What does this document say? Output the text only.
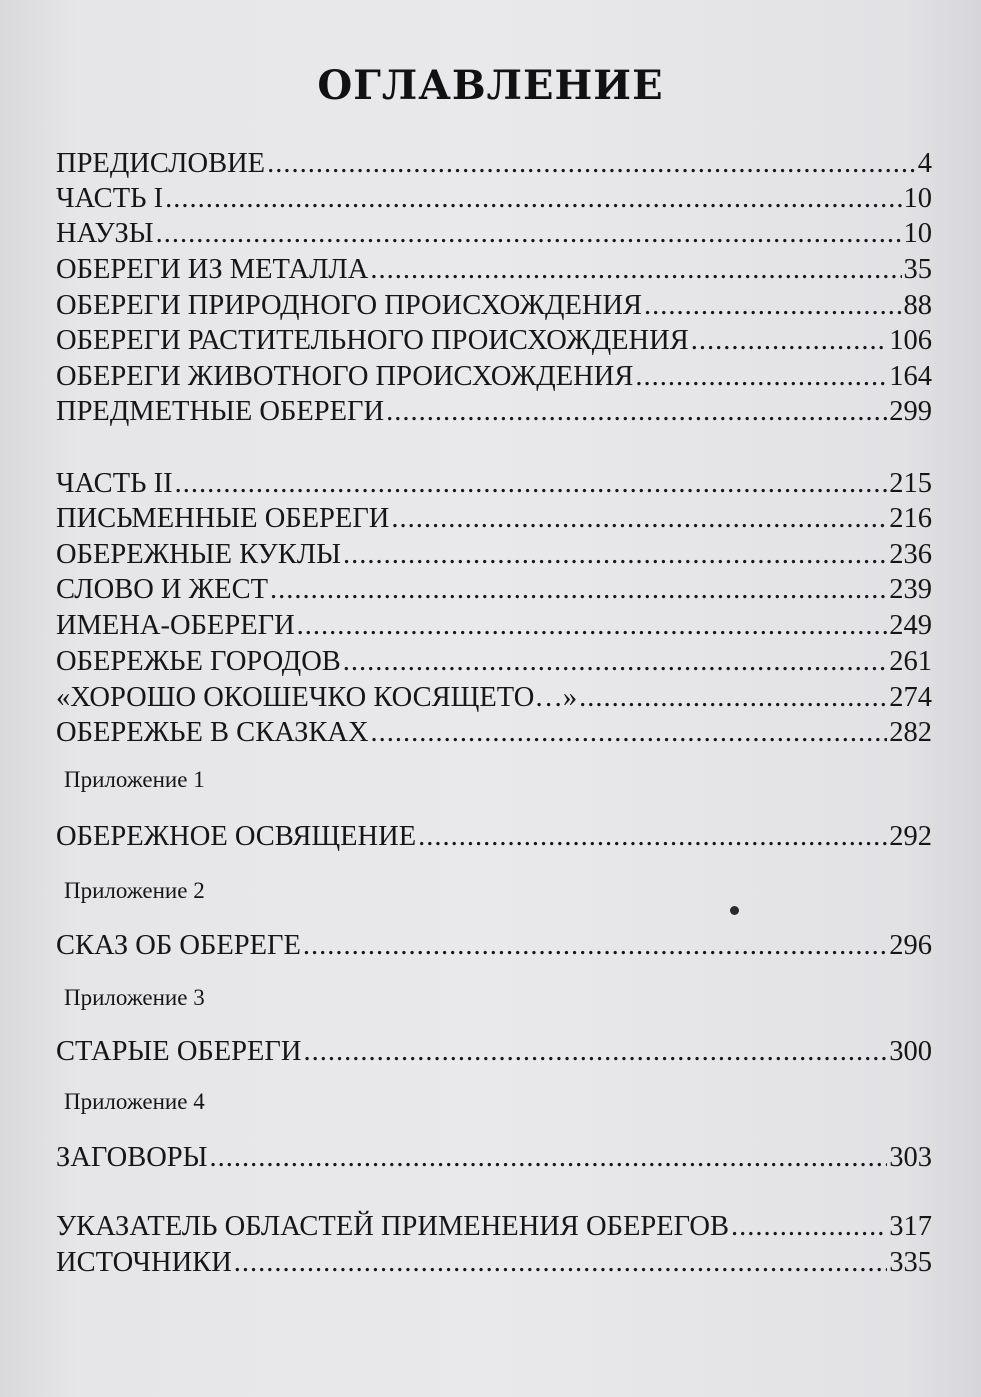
ОГЛАВЛЕНИЕ
ПРЕДИСЛОВИЕ .....	4
ЧАСТЬ I .....	10
НАУЗЫ .....	10
ОБЕРЕГИ ИЗ МЕТАЛЛА .....	35
ОБЕРЕГИ ПРИРОДНОГО ПРОИСХОЖДЕНИЯ .....	88
ОБЕРЕГИ РАСТИТЕЛЬНОГО ПРОИСХОЖДЕНИЯ .....	106
ОБЕРЕГИ ЖИВОТНОГО ПРОИСХОЖДЕНИЯ .....	164
ПРЕДМЕТНЫЕ ОБЕРЕГИ .....	299
ЧАСТЬ II .....	215
ПИСЬМЕННЫЕ ОБЕРЕГИ .....	216
ОБЕРЕЖНЫЕ КУКЛЫ .....	236
СЛОВО И ЖЕСТ .....	239
ИМЕНА-ОБЕРЕГИ .....	249
ОБЕРЕЖЬЕ ГОРОДОВ .....	261
«ХОРОШО ОКОШЕЧКО КОСЯЩЕТО…» .....	274
ОБЕРЕЖЬЕ В СКАЗКАХ .....	282
Приложение 1
ОБЕРЕЖНОЕ ОСВЯЩЕНИЕ .....	292
Приложение 2
СКАЗ ОБ ОБЕРЕГЕ .....	296
Приложение 3
СТАРЫЕ ОБЕРЕГИ .....	300
Приложение 4
ЗАГОВОРЫ .....	303
УКАЗАТЕЛЬ ОБЛАСТЕЙ ПРИМЕНЕНИЯ ОБЕРЕГОВ .....	317
ИСТОЧНИКИ .....	335
